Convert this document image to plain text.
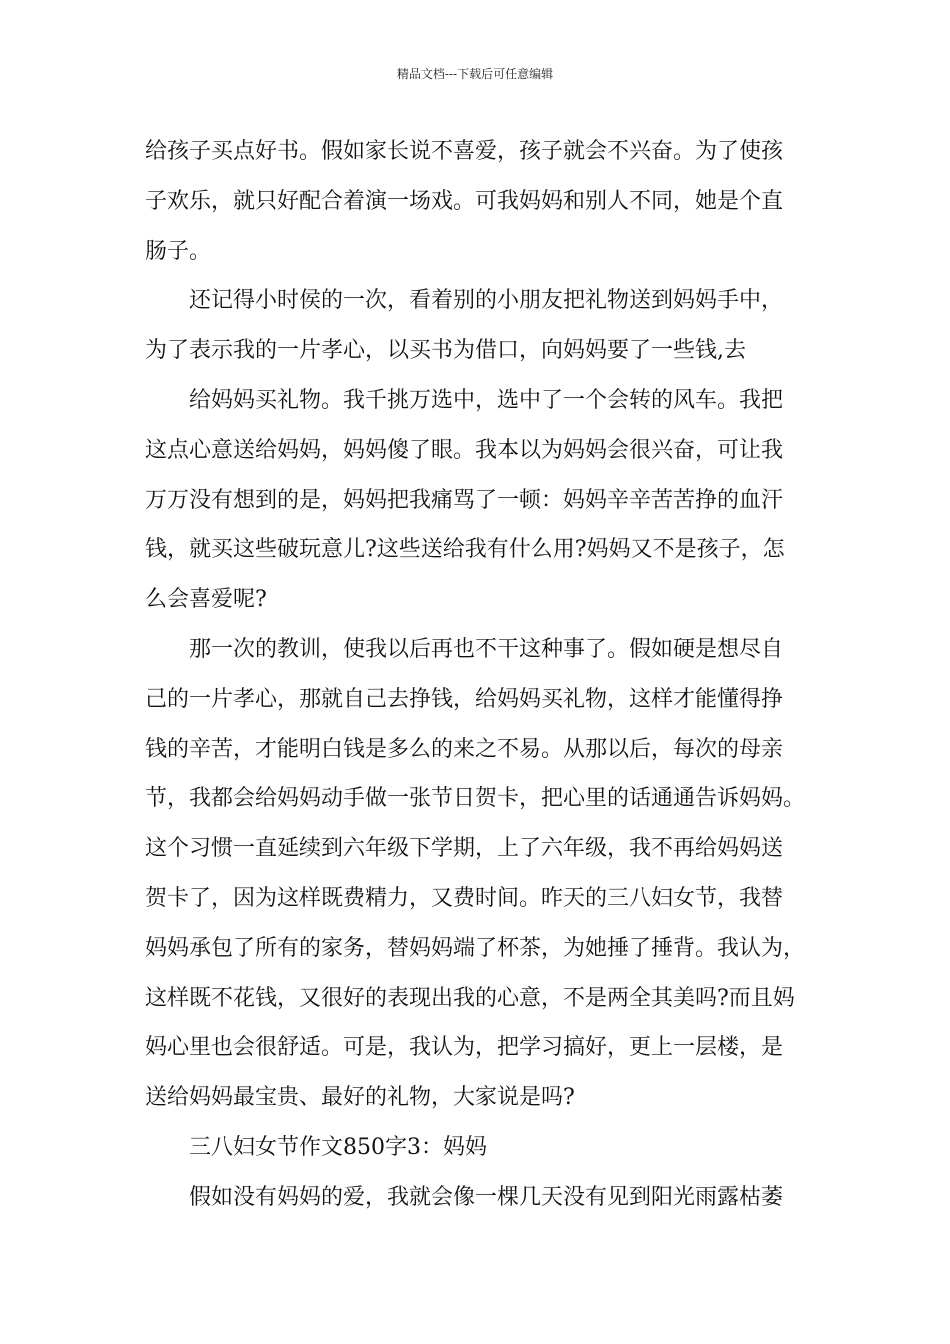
精品文档---下载后可任意编辑
给孩子买点好书。假如家长说不喜爱，孩子就会不兴奋。为了使孩
子欢乐，就只好配合着演一场戏。可我妈妈和别人不同，她是个直
肠子。
还记得小时侯的一次，看着别的小朋友把礼物送到妈妈手中，
为了表示我的一片孝心，以买书为借口，向妈妈要了一些钱,去
给妈妈买礼物。我千挑万选中，选中了一个会转的风车。我把
这点心意送给妈妈，妈妈傻了眼。我本以为妈妈会很兴奋，可让我
万万没有想到的是，妈妈把我痛骂了一顿：妈妈辛辛苦苦挣的血汗
钱，就买这些破玩意儿?这些送给我有什么用?妈妈又不是孩子，怎
么会喜爱呢?
那一次的教训，使我以后再也不干这种事了。假如硬是想尽自
己的一片孝心，那就自己去挣钱，给妈妈买礼物，这样才能懂得挣
钱的辛苦，才能明白钱是多么的来之不易。从那以后，每次的母亲
节，我都会给妈妈动手做一张节日贺卡，把心里的话通通告诉妈妈。
这个习惯一直延续到六年级下学期，上了六年级，我不再给妈妈送
贺卡了，因为这样既费精力，又费时间。昨天的三八妇女节，我替
妈妈承包了所有的家务，替妈妈端了杯茶，为她捶了捶背。我认为，
这样既不花钱，又很好的表现出我的心意，不是两全其美吗?而且妈
妈心里也会很舒适。可是，我认为，把学习搞好，更上一层楼，是
送给妈妈最宝贵、最好的礼物，大家说是吗?
三八妇女节作文850字3：妈妈
假如没有妈妈的爱，我就会像一棵几天没有见到阳光雨露枯萎
